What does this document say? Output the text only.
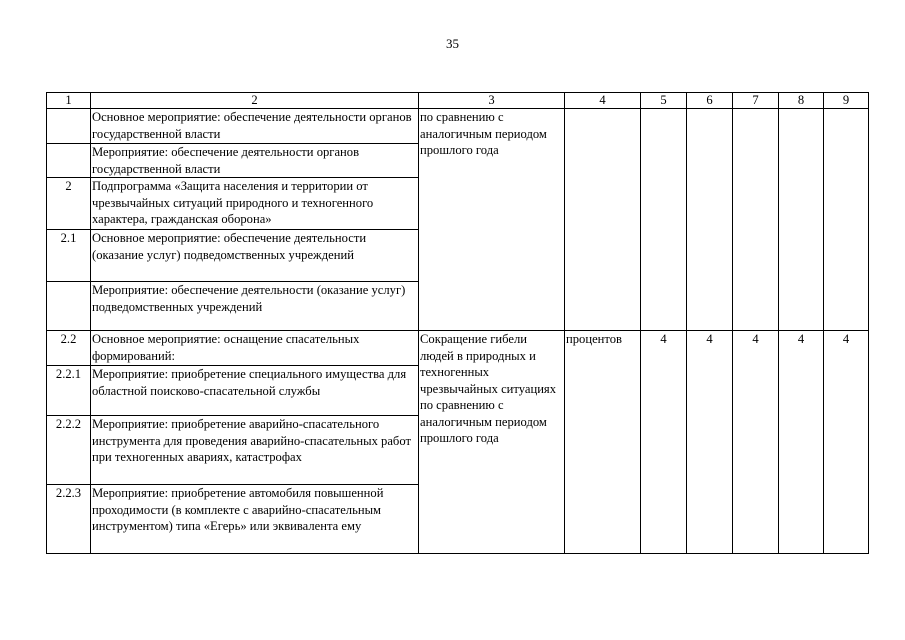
35
1	2	3	4	5	6	7	8	9
	Основное мероприятие: обеспечение деятельности органов государственной власти	по сравнению с аналогичным периодом прошлого года						
	Мероприятие: обеспечение деятельности органов государственной власти							
2	Подпрограмма «Защита населения и территории от чрезвычайных ситуаций природного и техногенного характера, гражданская оборона»							
2.1	Основное мероприятие: обеспечение деятельности (оказание услуг) подведомственных учреждений							
	Мероприятие: обеспечение деятельности (оказание услуг) подведомственных учреждений							
2.2	Основное мероприятие: оснащение спасательных формирований:	Сокращение гибели людей в природных и техногенных чрезвычайных ситуациях по сравнению с аналогичным периодом прошлого года	процентов	4	4	4	4	4
2.2.1	Мероприятие: приобретение специального имущества для областной поисково-спасательной службы							
2.2.2	Мероприятие: приобретение аварийно-спасательного инструмента для проведения аварийно-спасательных работ при техногенных авариях, катастрофах							
2.2.3	Мероприятие: приобретение автомобиля повышенной проходимости (в комплекте с аварийно-спасательным инструментом) типа «Егерь» или эквивалента ему							
